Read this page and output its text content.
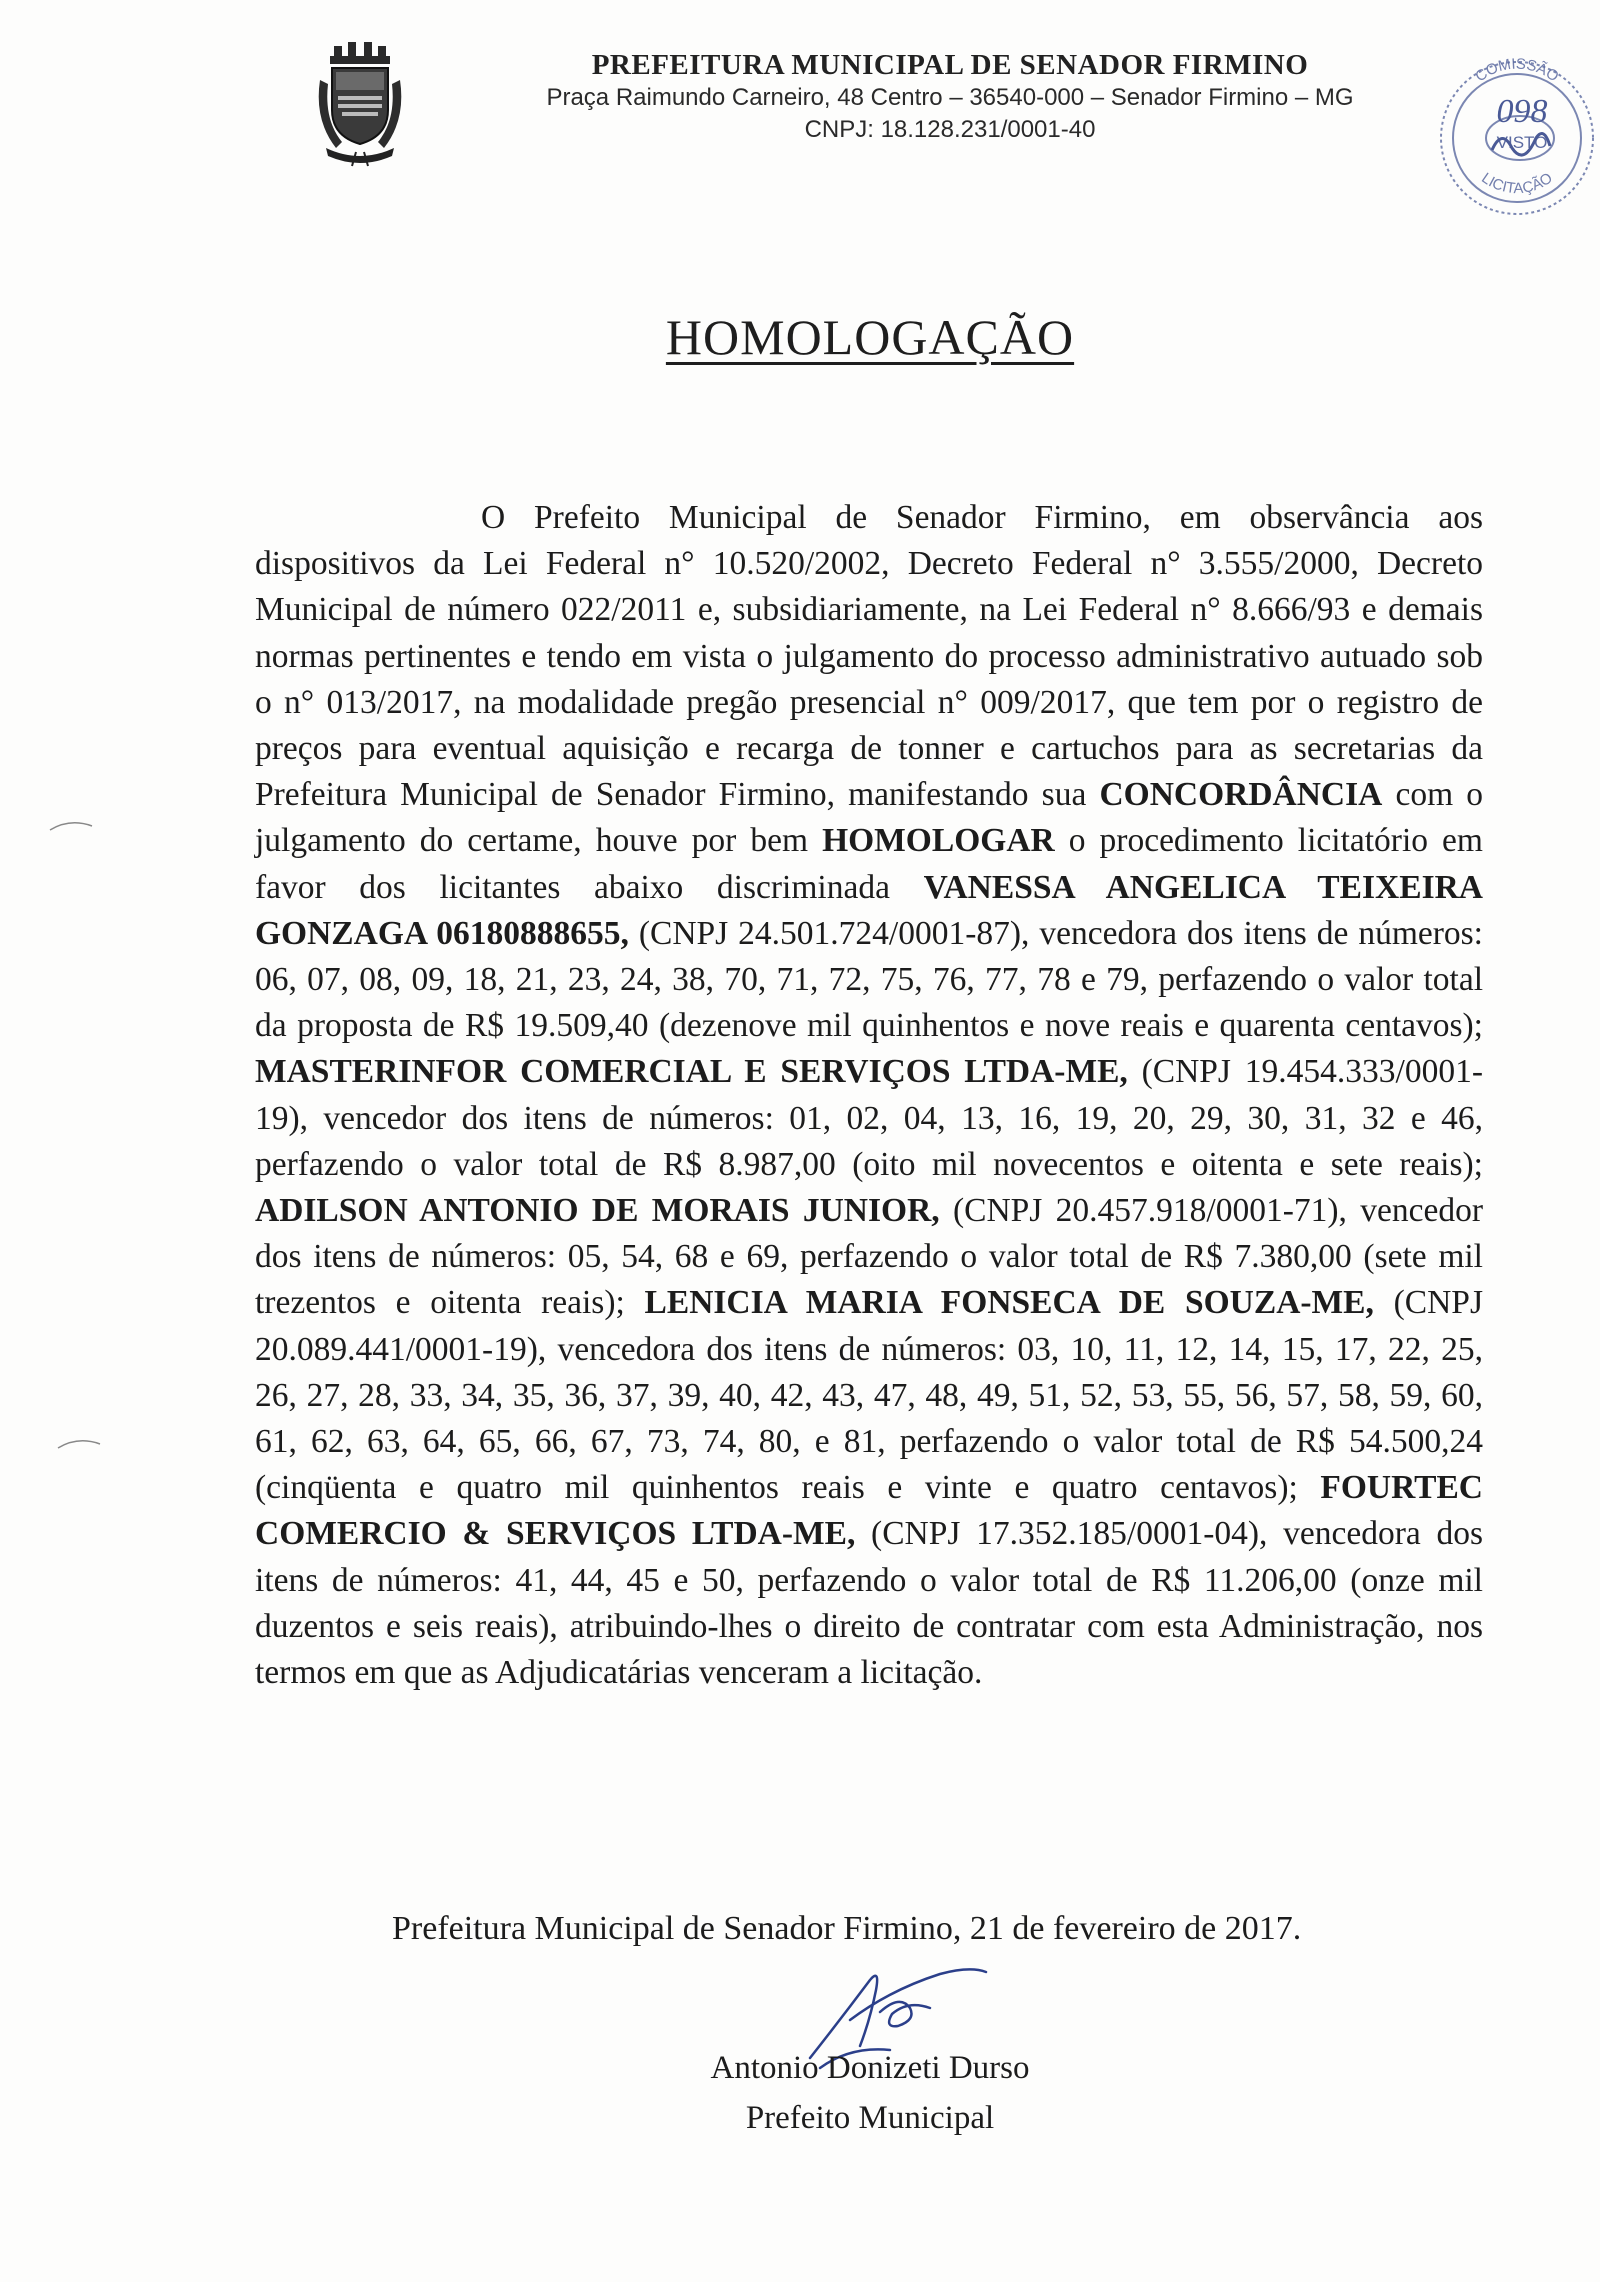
PREFEITURA MUNICIPAL DE SENADOR FIRMINO
Praça Raimundo Carneiro, 48 Centro – 36540-000 – Senador Firmino – MG
CNPJ: 18.128.231/0001-40
COMISSÃO
098
VISTO
LICITAÇÃO
HOMOLOGAÇÃO

O Prefeito Municipal de Senador Firmino, em observância aos dispositivos da Lei Federal n° 10.520/2002, Decreto Federal n° 3.555/2000, Decreto Municipal de número 022/2011 e, subsidiariamente, na Lei Federal n° 8.666/93 e demais normas pertinentes e tendo em vista o julgamento do processo administrativo autuado sob o n° 013/2017, na modalidade pregão presencial n° 009/2017, que tem por o registro de preços para eventual aquisição e recarga de tonner e cartuchos para as secretarias da Prefeitura Municipal de Senador Firmino, manifestando sua CONCORDÂNCIA com o julgamento do certame, houve por bem HOMOLOGAR o procedimento licitatório em favor dos licitantes abaixo discriminada VANESSA ANGELICA TEIXEIRA GONZAGA 06180888655, (CNPJ 24.501.724/0001-87), vencedora dos itens de números: 06, 07, 08, 09, 18, 21, 23, 24, 38, 70, 71, 72, 75, 76, 77, 78 e 79, perfazendo o valor total da proposta de R$ 19.509,40 (dezenove mil quinhentos e nove reais e quarenta centavos); MASTERINFOR COMERCIAL E SERVIÇOS LTDA-ME, (CNPJ 19.454.333/0001-19), vencedor dos itens de números: 01, 02, 04, 13, 16, 19, 20, 29, 30, 31, 32 e 46, perfazendo o valor total de R$ 8.987,00 (oito mil novecentos e oitenta e sete reais); ADILSON ANTONIO DE MORAIS JUNIOR, (CNPJ 20.457.918/0001-71), vencedor dos itens de números: 05, 54, 68 e 69, perfazendo o valor total de R$ 7.380,00 (sete mil trezentos e oitenta reais); LENICIA MARIA FONSECA DE SOUZA-ME, (CNPJ 20.089.441/0001-19), vencedora dos itens de números: 03, 10, 11, 12, 14, 15, 17, 22, 25, 26, 27, 28, 33, 34, 35, 36, 37, 39, 40, 42, 43, 47, 48, 49, 51, 52, 53, 55, 56, 57, 58, 59, 60, 61, 62, 63, 64, 65, 66, 67, 73, 74, 80, e 81, perfazendo o valor total de R$ 54.500,24 (cinqüenta e quatro mil quinhentos reais e vinte e quatro centavos); FOURTEC COMERCIO & SERVIÇOS LTDA-ME, (CNPJ 17.352.185/0001-04), vencedora dos itens de números: 41, 44, 45 e 50, perfazendo o valor total de R$ 11.206,00 (onze mil duzentos e seis reais), atribuindo-lhes o direito de contratar com esta Administração, nos termos em que as Adjudicatárias venceram a licitação.

Prefeitura Municipal de Senador Firmino, 21 de fevereiro de 2017.
Antonio Donizeti Durso
Prefeito Municipal
